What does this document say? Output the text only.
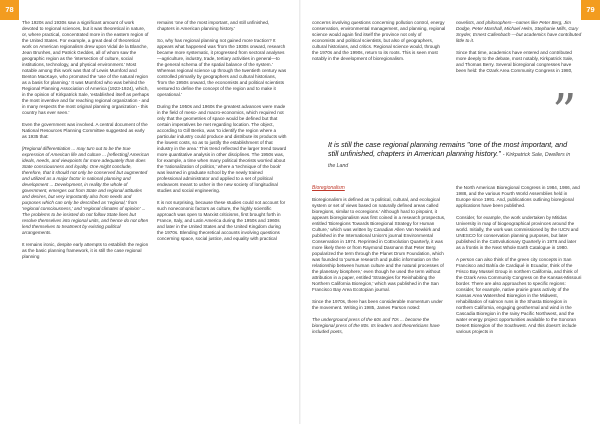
78	79

The 1920s and 1930s saw a significant amount of work devoted to regional sciences, but it was theoretical in nature, or, where practical, concentrated more in the eastern region of the United States. For example, a great deal of theoretical work on American regionalism drew upon Vidal de la Blanche, Jean Brunhes, and Patrick Geddes, all of whom saw the geographic region as the 'intersection of culture, social institutions, technology, and physical environment.' Most notable among this work was that of Lewis Mumford and Benton MacKaye, who promoted the 'use of the natural region as a basis for planning.' It was Mumford who was behind the Regional Planning Association of America (1923-1924), which, in the opinion of Kirkpatrick Sale, 'established itself as perhaps the most inventive and far reaching regional organization - and in many respects the most original planning organization - this country has ever seen.'

Even the government was involved. A central document of the National Resources Planning Committee suggested as early as 1935 that:

[Regional differentiation ... may turn out to be the true expression of American life and culture ... [reflecting] American ideals, needs, and viewpoints far more adequately than does State consciousness and loyalty. One might conclude, therefore, that it should not only be conserved but augmented and utilized as a major factor in national planning and development ... Development, in reality the whole of government, emerges out from State and regional attitudes and desires, but very importantly also from needs and purposes which can only be described as 'regional,' from 'regional consciousness,' and 'regional climates of opinion' ... The problems to be insisted do not follow State lines but resolve themselves into regional units, and hence do not often lend themselves to treatment by existing political arrangements.

It remains ironic, despite early attempts to establish the region as the basic planning framework, it is still the case regional planning

remains 'one of the most important, and still unfinished, chapters in American planning history.'

So, why has regional planning not gained more traction? It appears what happened was 'from the 1930s onward, research became more systematic, it progressed from sectoral analyses—agriculture, industry, trade, tertiary activities in general—to the general schema of the spatial balance of the system.' Whereas regional science up through the twentieth century was controlled primarily by geographers and cultural historians, 'from the 1950s onward, the economists and political scientists ventured to define the concept of the region and to make it operational.'

During the 1950s and 1960s the greatest advances were made in the field of meso- and macro-economics, which required not only that the geometries of space would be defined but that certain imperatives be met regarding location. The object, according to Gill Benko, was 'to identify the region where a particular industry could produce and distribute its products with the lowest costs, so as to justify the establishment of that industry in the area.' This trend reflected the larger trend toward more quantitative analysis in other disciplines. The 1950s was, for example, a time when many political theorists worried about the 'rationalization of politics,' where a 'technique of the book' was learned in graduate school by the newly trained professional administrator and applied to a set of political endeavors meant to usher in the new society of longitudinal studies and social engineering.

It is not surprising, because these studies could not account for such nonecononic factors as culture, the highly scientific approach was open to Marxist criticisms, first brought forth in France, Italy, and Latin America during the 1950s and 1960s and later in the United States and the United Kingdom during the 1970s. Blending theoretical accounts involving questions concerning space, social justice, and equality with practical

concerns involving questions concerning pollution control, energy conservation, environmental management, and planning, regional science would again find itself the province not only of economists and political scientists, but also of geographers, cultural historians, and critics. Regional science would, through the 1970s and the 1990s, return to its roots. This is seen most notably in the development of bioregionalism.

novelists, and philosophers—names like Peter Berg, Jim Dodge, Peter Marshall, Michael Helm, Stephanie Mills, Gary Snyder, Ernest Callenbach —but academics have contributed little to it.

Since that time, academics have entered and contributed more deeply to the debate, most notably, Kirkpatrick Sale, and Thomas Berry. Several bioregional congresses have been held: the Ozark Area Community Congress in 1980,

”

It is still the case regional planning remains "one of the most important, and still unfinished, chapters in American planning history." - Kirkpatrick Sale, Dwellers in the Land

Bioregionalism

Bioregionalism is defined as 'a political, cultural, and ecological system or set of views based on naturally defined areas called bioregions, similar to ecoregions.' Although hard to pinpoint, it appears bioregionalism was first coined in a research prospectus, entitled 'Bioregions Towards Bioregional Strategy for Human Culture,' which was written by Canadian Allen Van Newkirk and published in the International Union's journal Environmental Conservation in 1974. Reprinted in CoEvolution Quarterly, it was more likely there or from Raymond Dasmann that Peter Berg popularized the term through the Planet Drum Foundation, which was founded to 'pursue research and public information on the relationship between human culture and the natural processes of the planetary biosphere,' even though he used the term without attribution in a paper, entitled 'Strategies for Reinhabiting the Northern California Bioregion,' which was published in the San Francisco Bay Area Ecotopian journal.

Since the 1970s, there has been considerable momentum under the movement. Writing in 1985, James Parson noted:

The underground press of the 60s and 70s ... become the bioregional press of the 80s. Its leaders and theoreticians have included poets,

the North American Bioregional Congress in 1984, 1986, and 1988, and the various Fourth World Assemblies held in Europe since 1991. And, publications outlining bioregional applications have been published.

Consider, for example, the work undertaken by Mitidas University in map of biogeographical provinces around the world. Initially, the work was commissioned by the IUCN and UNESCO for conservation planning purposes, but later published in the CoEvolutionary Quarterly in 1978 and later as a frontis in the Next Whole Earth Catalogue in 1980.

A person can also think of the green city concepts in San Francisco and Bahía de Cardiqué in Ecuador, think of the Frisco Bay Mussel Group in northern California, and think of the Ozark Area Community Congress on the Kansas-Missouri border. There are also approaches to specific regions: consider, for example, native prairie grass activity of the Kansas Area Watershed Bioregion in the Midwest, rehabilitation of salmon runs in the Shasta Bioregion in northern California, engaging geothermal and wind in the Cascadia Bioregion in the rainy Pacific Northwest, and the water energy project opportunities available to the Sonoran Desert Bioregion of the Southwest. And this doesn't include various projects in
